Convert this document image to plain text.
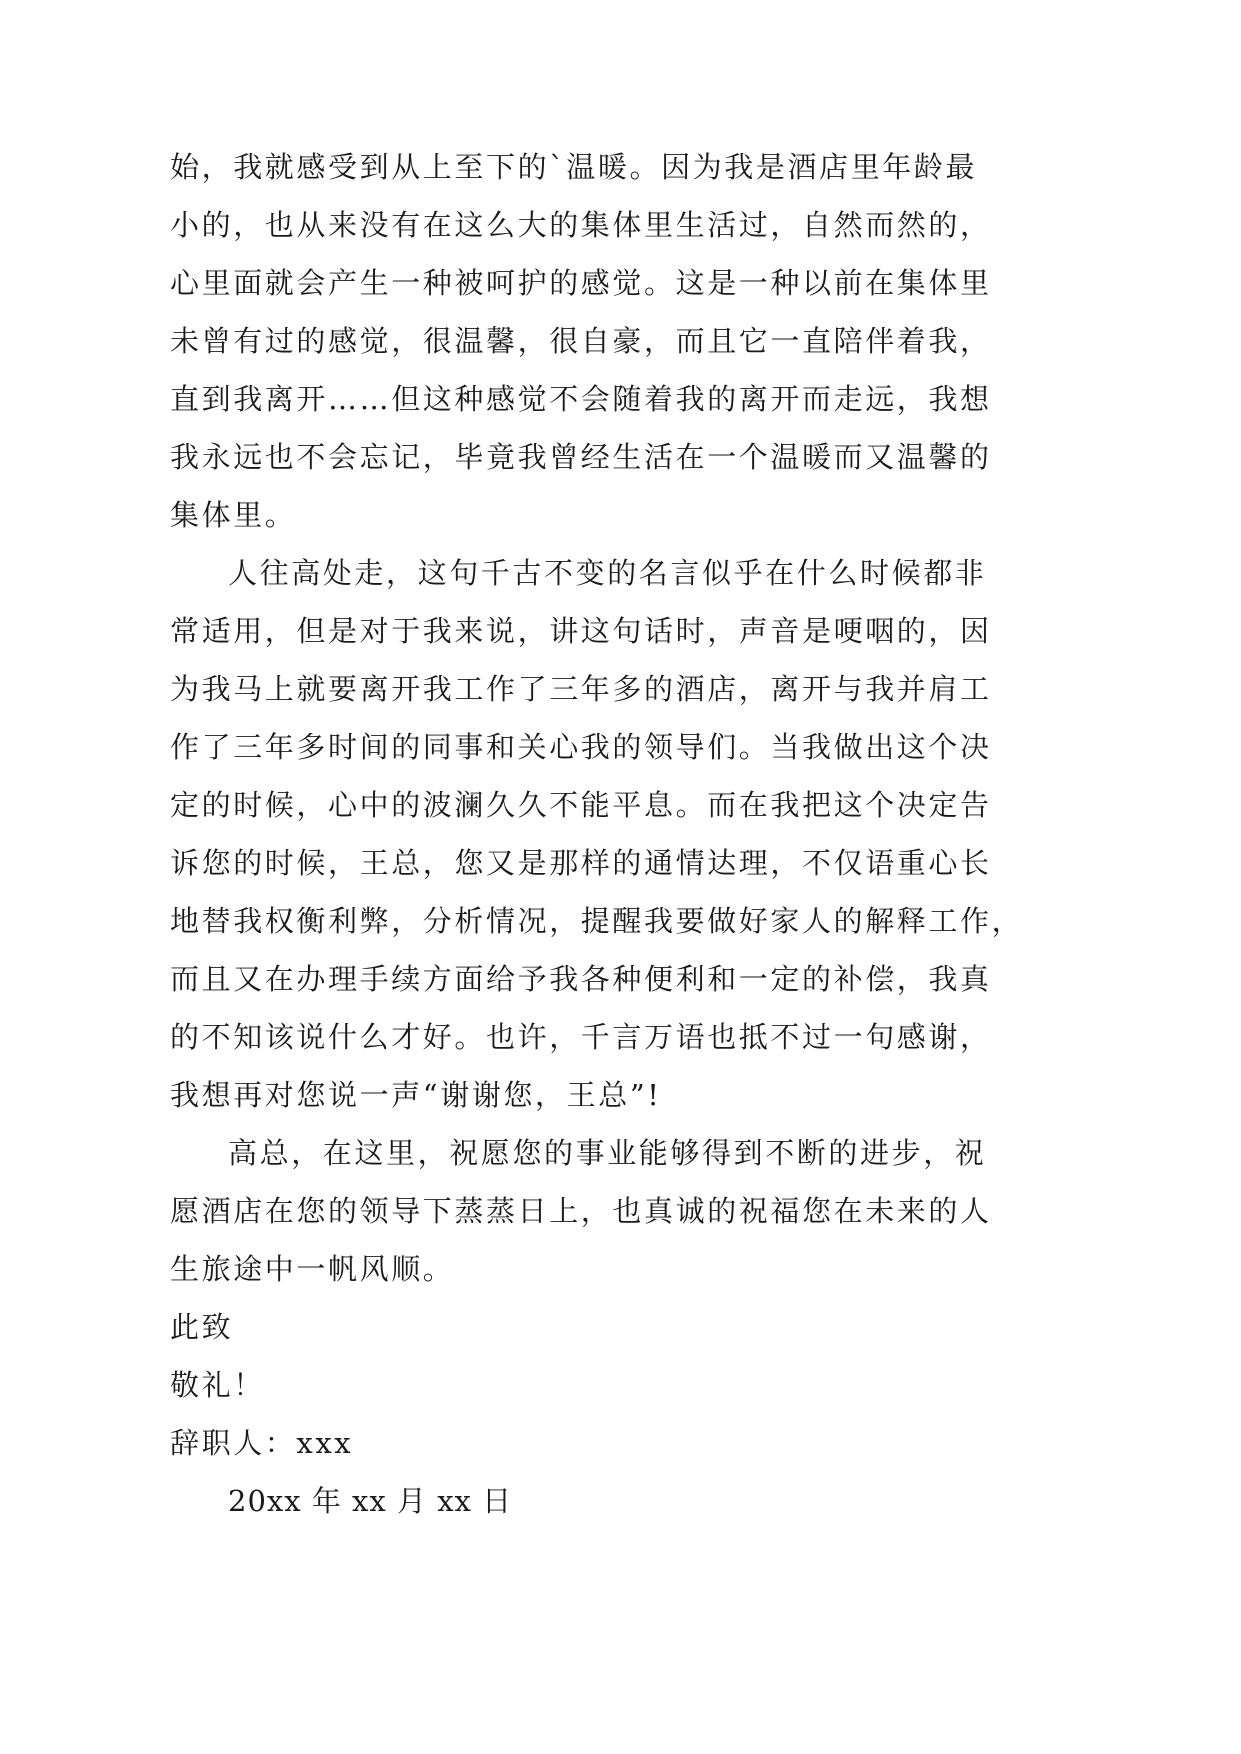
始，我就感受到从上至下的`温暖。因为我是酒店里年龄最
小的，也从来没有在这么大的集体里生活过，自然而然的，
心里面就会产生一种被呵护的感觉。这是一种以前在集体里
未曾有过的感觉，很温馨，很自豪，而且它一直陪伴着我，
直到我离开……但这种感觉不会随着我的离开而走远，我想
我永远也不会忘记，毕竟我曾经生活在一个温暖而又温馨的
集体里。
人往高处走，这句千古不变的名言似乎在什么时候都非
常适用，但是对于我来说，讲这句话时，声音是哽咽的，因
为我马上就要离开我工作了三年多的酒店，离开与我并肩工
作了三年多时间的同事和关心我的领导们。当我做出这个决
定的时候，心中的波澜久久不能平息。而在我把这个决定告
诉您的时候，王总，您又是那样的通情达理，不仅语重心长
地替我权衡利弊，分析情况，提醒我要做好家人的解释工作，
而且又在办理手续方面给予我各种便利和一定的补偿，我真
的不知该说什么才好。也许，千言万语也抵不过一句感谢，
我想再对您说一声“谢谢您，王总”!
高总，在这里，祝愿您的事业能够得到不断的进步，祝
愿酒店在您的领导下蒸蒸日上，也真诚的祝福您在未来的人
生旅途中一帆风顺。
此致
敬礼！
辞职人：xxx
20xx 年 xx 月 xx 日
